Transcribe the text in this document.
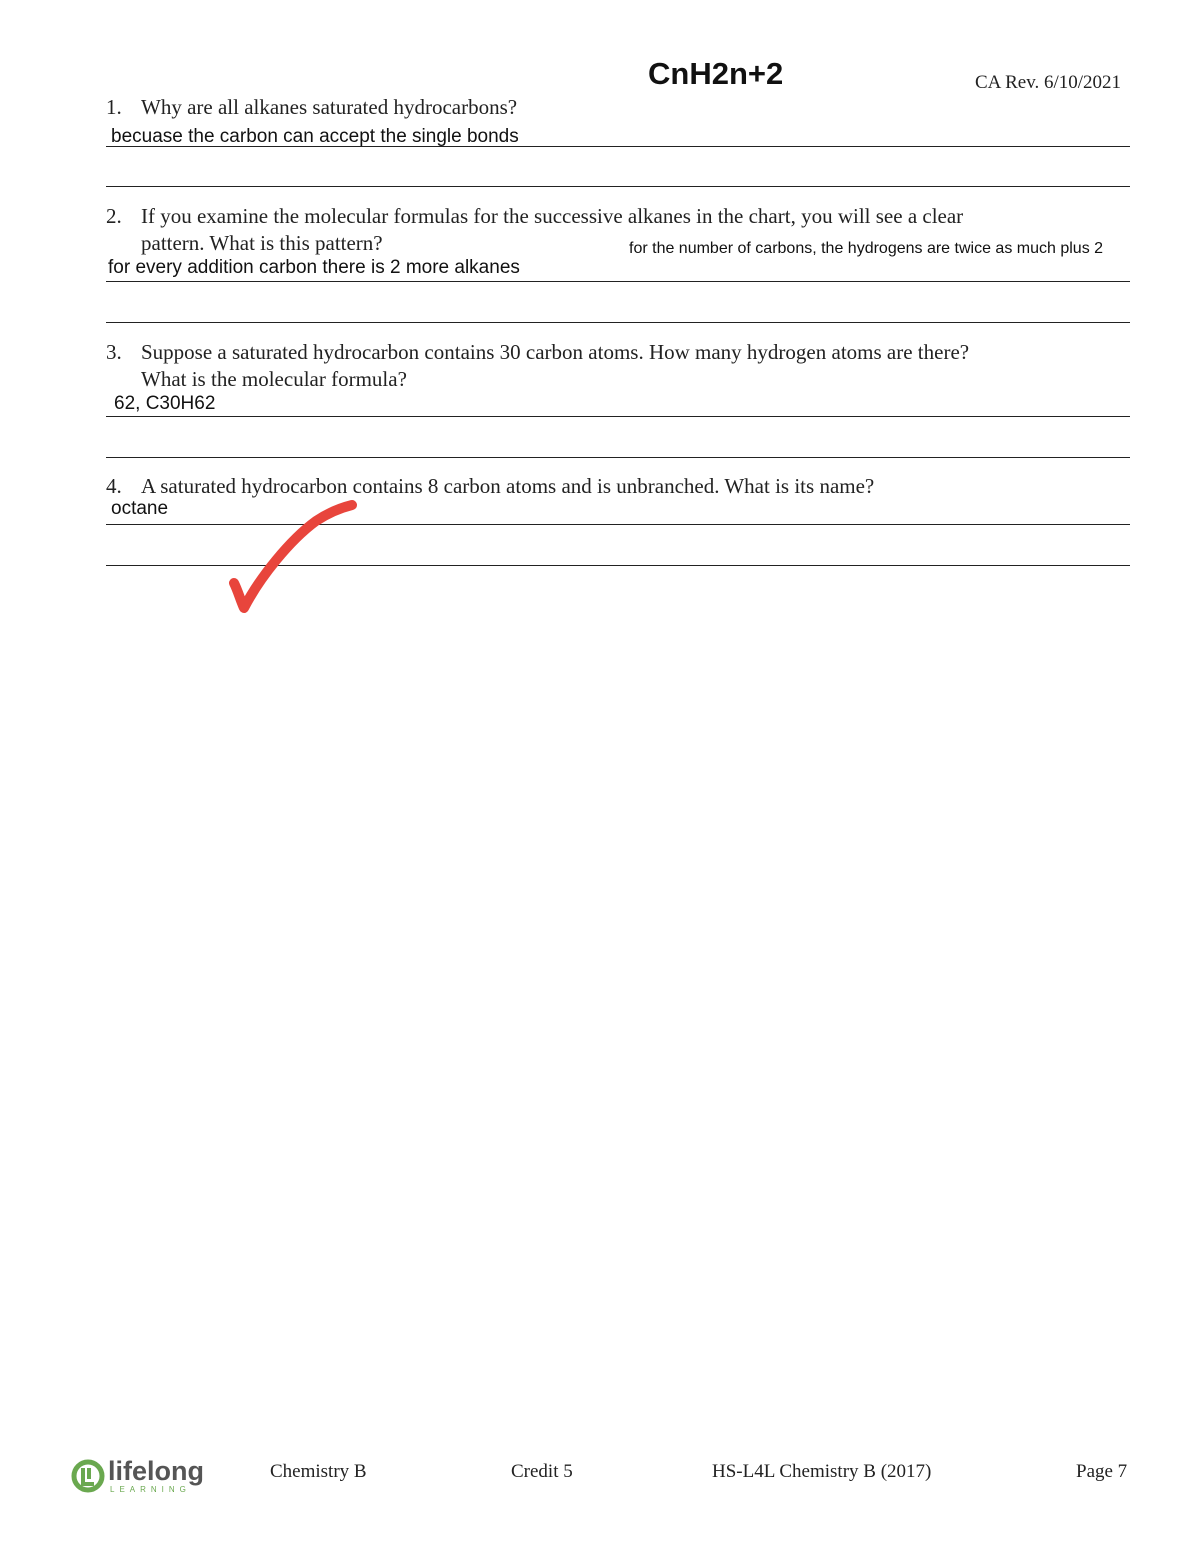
CnH2n+2	CA Rev. 6/10/2021
1. Why are all alkanes saturated hydrocarbons?
becuase the carbon can accept the single bonds
2. If you examine the molecular formulas for the successive alkanes in the chart, you will see a clear
pattern. What is this pattern?	for the number of carbons, the hydrogens are twice as much plus 2
for every addition carbon there is 2 more alkanes
3. Suppose a saturated hydrocarbon contains 30 carbon atoms. How many hydrogen atoms are there?
What is the molecular formula?
62, C30H62
4. A saturated hydrocarbon contains 8 carbon atoms and is unbranched. What is its name?
octane
lifelong
LEARNING
Chemistry B	Credit 5	HS-L4L Chemistry B (2017)	Page 7
